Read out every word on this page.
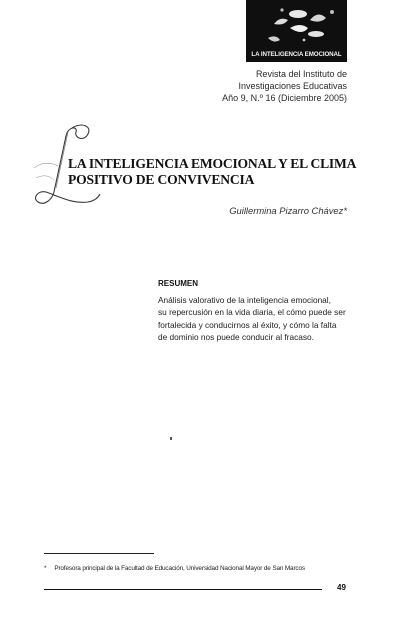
LA INTELIGENCIA EMOCIONAL
Revista del Instituto de
Investigaciones Educativas
Año 9, N.º 16 (Diciembre 2005)
LA INTELIGENCIA EMOCIONAL Y EL CLIMA
POSITIVO DE CONVIVENCIA
Guillermina Pizarro Chávez*
RESUMEN
Análisis valorativo de la inteligencia emocional,
su repercusión en la vida diaria, el cómo puede ser
fortalecida y conducirnos al éxito, y cómo la falta
de dominio nos puede conducir al fracaso.
* Profesora principal de la Facultad de Educación, Universidad Nacional Mayor de San Marcos
49
